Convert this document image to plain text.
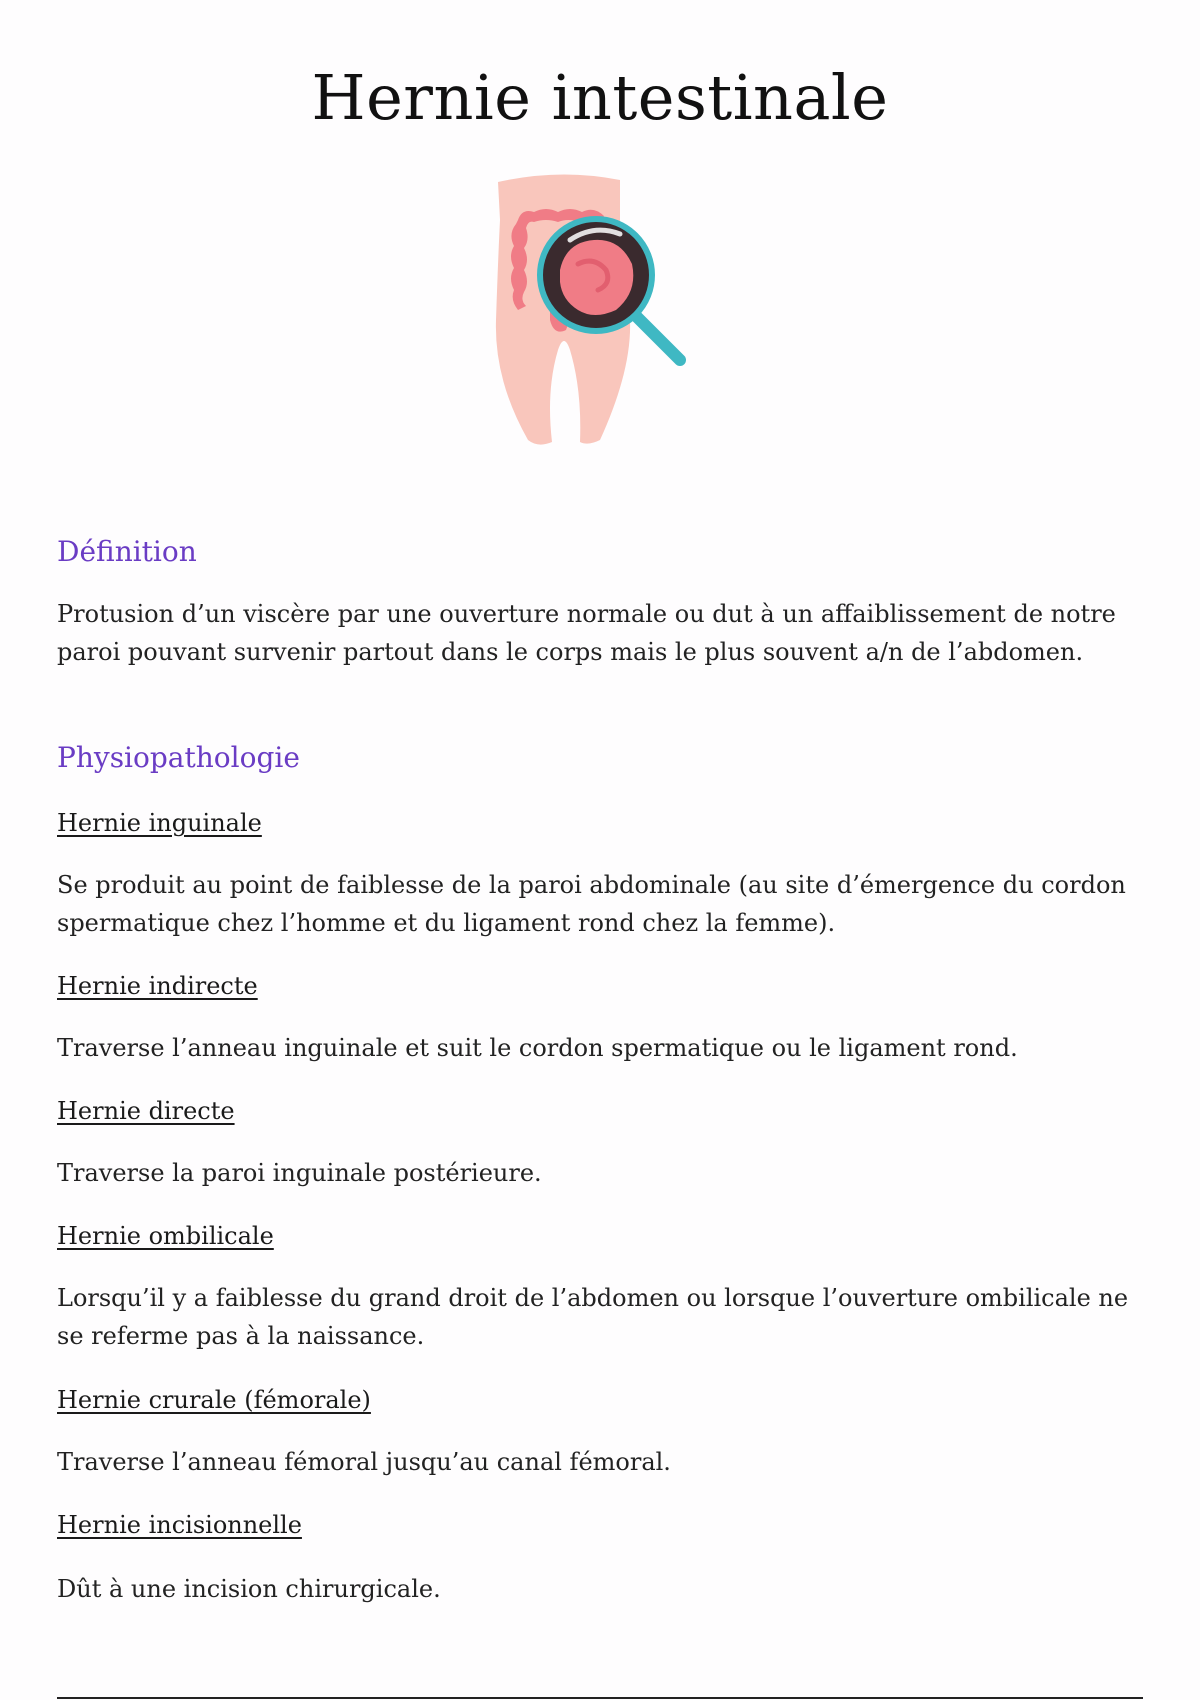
Hernie intestinale
Définition

Protusion d’un viscère par une ouverture normale ou dut à un affaiblissement de notre paroi pouvant survenir partout dans le corps mais le plus souvent a/n de l’abdomen.

Physiopathologie

Hernie inguinale

Se produit au point de faiblesse de la paroi abdominale (au site d’émergence du cordon spermatique chez l’homme et du ligament rond chez la femme).

Hernie indirecte

Traverse l’anneau inguinale et suit le cordon spermatique ou le ligament rond.

Hernie directe

Traverse la paroi inguinale postérieure.

Hernie ombilicale

Lorsqu’il y a faiblesse du grand droit de l’abdomen ou lorsque l’ouverture ombilicale ne se referme pas à la naissance.

Hernie crurale (fémorale)

Traverse l’anneau fémoral jusqu’au canal fémoral.

Hernie incisionnelle

Dût à une incision chirurgicale.
